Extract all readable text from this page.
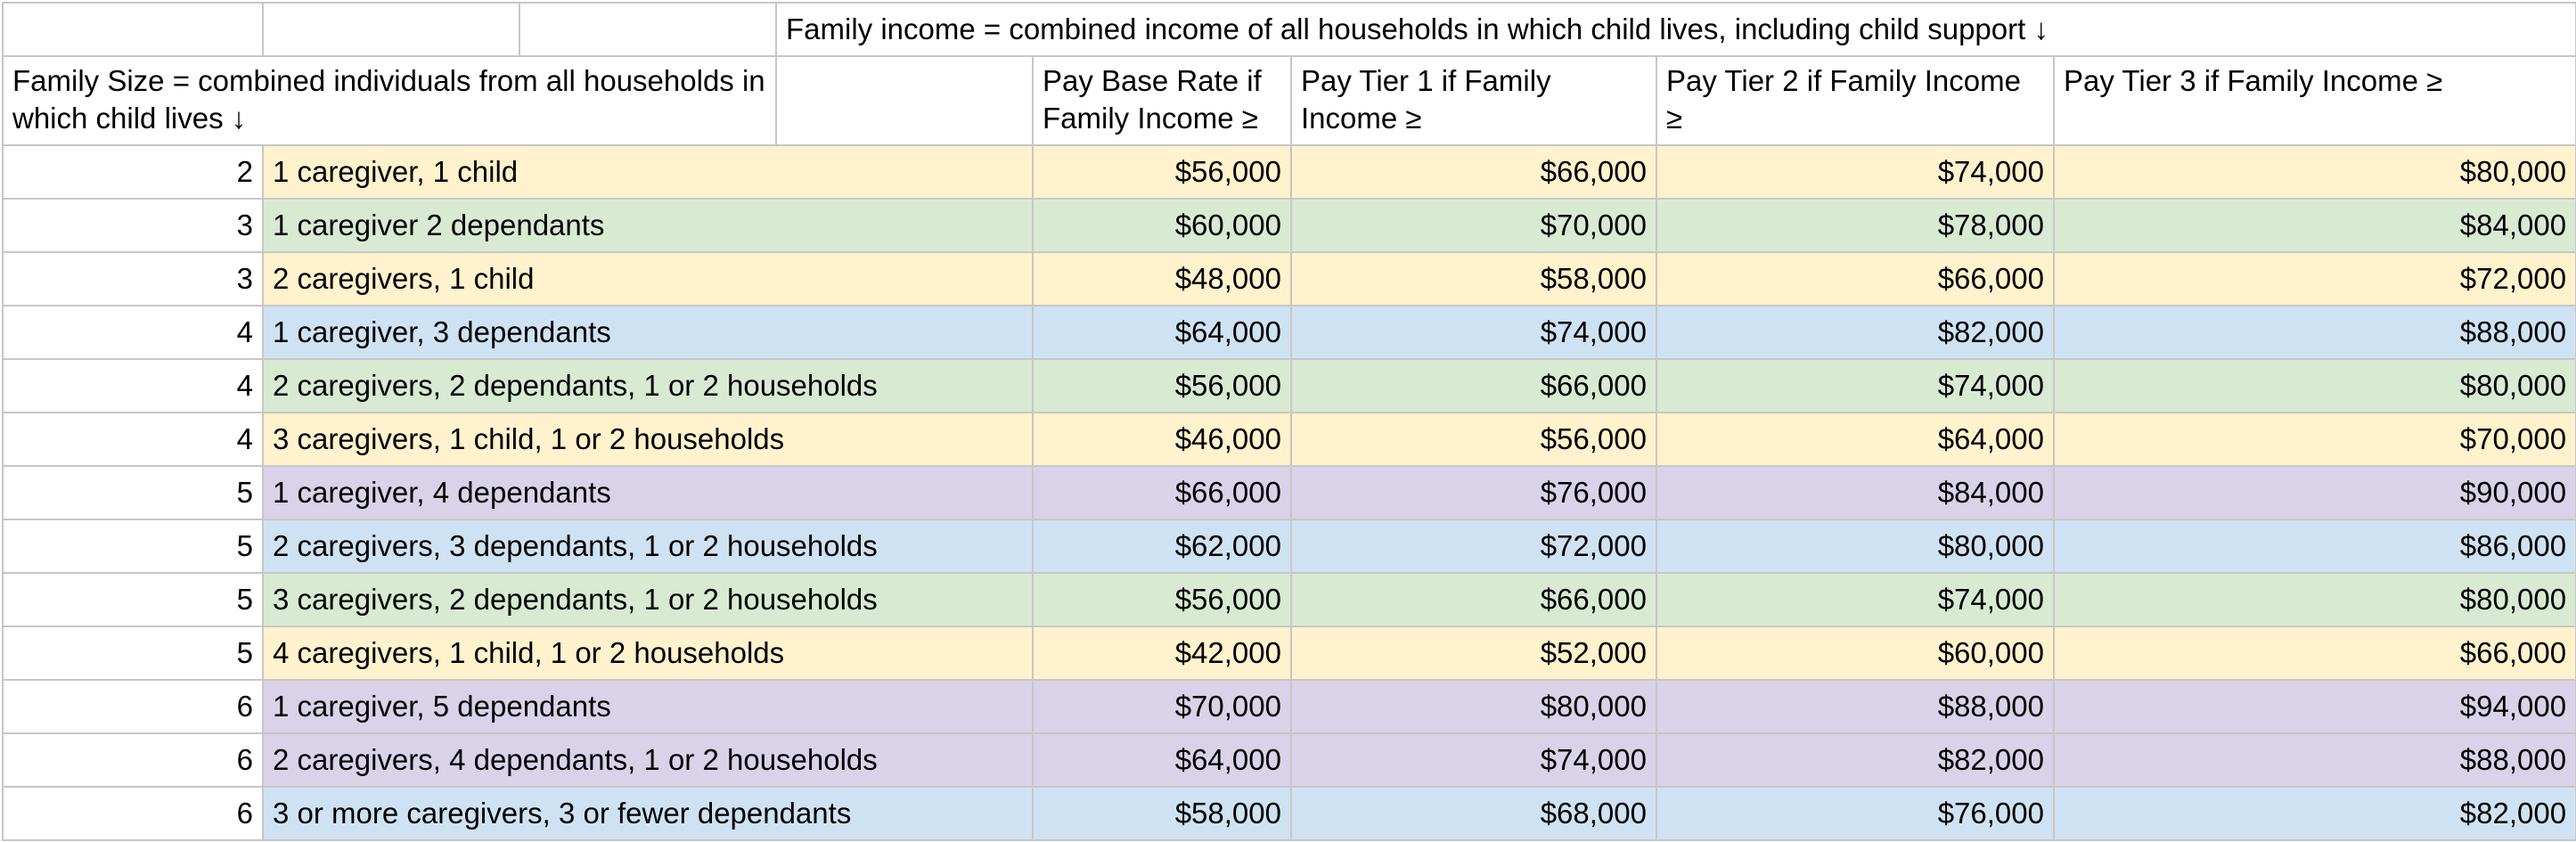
			Family income = combined income of all households in which child lives, including child support ↓				
Family Size = combined individuals from all households in which child lives ↓				Pay Base Rate if Family Income ≥	Pay Tier 1 if Family Income ≥	Pay Tier 2 if Family Income ≥	Pay Tier 3 if Family Income ≥
2	1 caregiver, 1 child			$56,000	$66,000	$74,000	$80,000
3	1 caregiver 2 dependants			$60,000	$70,000	$78,000	$84,000
3	2 caregivers, 1 child			$48,000	$58,000	$66,000	$72,000
4	1 caregiver, 3 dependants			$64,000	$74,000	$82,000	$88,000
4	2 caregivers, 2 dependants, 1 or 2 households			$56,000	$66,000	$74,000	$80,000
4	3 caregivers, 1 child, 1 or 2 households			$46,000	$56,000	$64,000	$70,000
5	1 caregiver, 4 dependants			$66,000	$76,000	$84,000	$90,000
5	2 caregivers, 3 dependants, 1 or 2 households			$62,000	$72,000	$80,000	$86,000
5	3 caregivers, 2 dependants, 1 or 2 households			$56,000	$66,000	$74,000	$80,000
5	4 caregivers, 1 child, 1 or 2 households			$42,000	$52,000	$60,000	$66,000
6	1 caregiver, 5 dependants			$70,000	$80,000	$88,000	$94,000
6	2 caregivers, 4 dependants, 1 or 2 households			$64,000	$74,000	$82,000	$88,000
6	3 or more caregivers, 3 or fewer dependants			$58,000	$68,000	$76,000	$82,000
